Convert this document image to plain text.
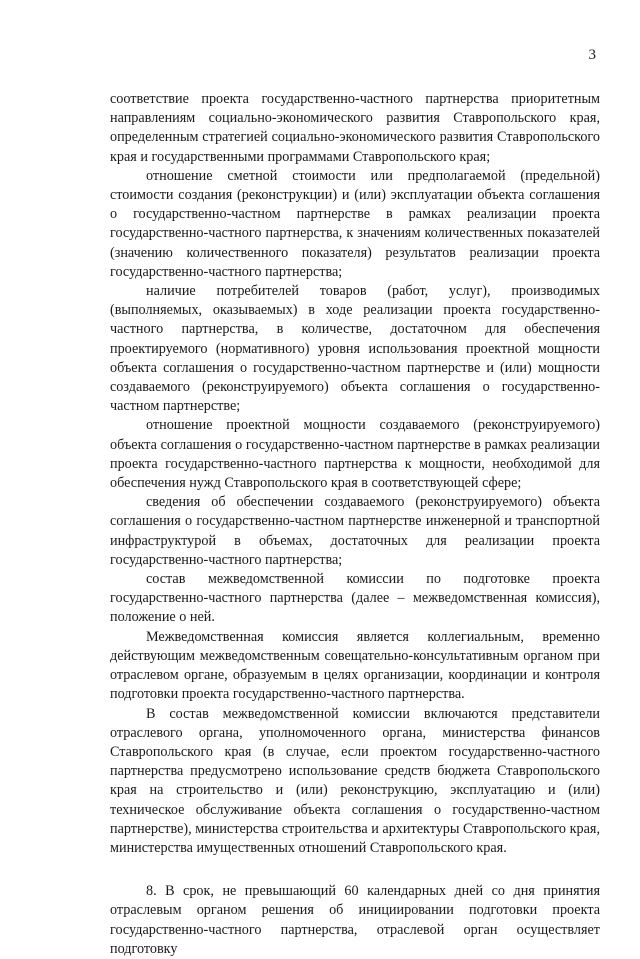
3

соответствие проекта государственно-частного партнерства приоритетным направлениям социально-экономического развития Ставропольского края, определенным стратегией социально-экономического развития Ставропольского края и государственными программами Ставропольского края;

отношение сметной стоимости или предполагаемой (предельной) стоимости создания (реконструкции) и (или) эксплуатации объекта соглашения о государственно-частном партнерстве в рамках реализации проекта государственно-частного партнерства, к значениям количественных показателей (значению количественного показателя) результатов реализации проекта государственно-частного партнерства;

наличие потребителей товаров (работ, услуг), производимых (выполняемых, оказываемых) в ходе реализации проекта государственно-частного партнерства, в количестве, достаточном для обеспечения проектируемого (нормативного) уровня использования проектной мощности объекта соглашения о государственно-частном партнерстве и (или) мощности создаваемого (реконструируемого) объекта соглашения о государственно-частном партнерстве;

отношение проектной мощности создаваемого (реконструируемого) объекта соглашения о государственно-частном партнерстве в рамках реализации проекта государственно-частного партнерства к мощности, необходимой для обеспечения нужд Ставропольского края в соответствующей сфере;

сведения об обеспечении создаваемого (реконструируемого) объекта соглашения о государственно-частном партнерстве инженерной и транспортной инфраструктурой в объемах, достаточных для реализации проекта государственно-частного партнерства;

состав межведомственной комиссии по подготовке проекта государственно-частного партнерства (далее – межведомственная комиссия), положение о ней.

Межведомственная комиссия является коллегиальным, временно действующим межведомственным совещательно-консультативным органом при отраслевом органе, образуемым в целях организации, координации и контроля подготовки проекта государственно-частного партнерства.

В состав межведомственной комиссии включаются представители отраслевого органа, уполномоченного органа, министерства финансов Ставропольского края (в случае, если проектом государственно-частного партнерства предусмотрено использование средств бюджета Ставропольского края на строительство и (или) реконструкцию, эксплуатацию и (или) техническое обслуживание объекта соглашения о государственно-частном партнерстве), министерства строительства и архитектуры Ставропольского края, министерства имущественных отношений Ставропольского края.

8. В срок, не превышающий 60 календарных дней со дня принятия отраслевым органом решения об инициировании подготовки проекта государственно-частного партнерства, отраслевой орган осуществляет подготовку
